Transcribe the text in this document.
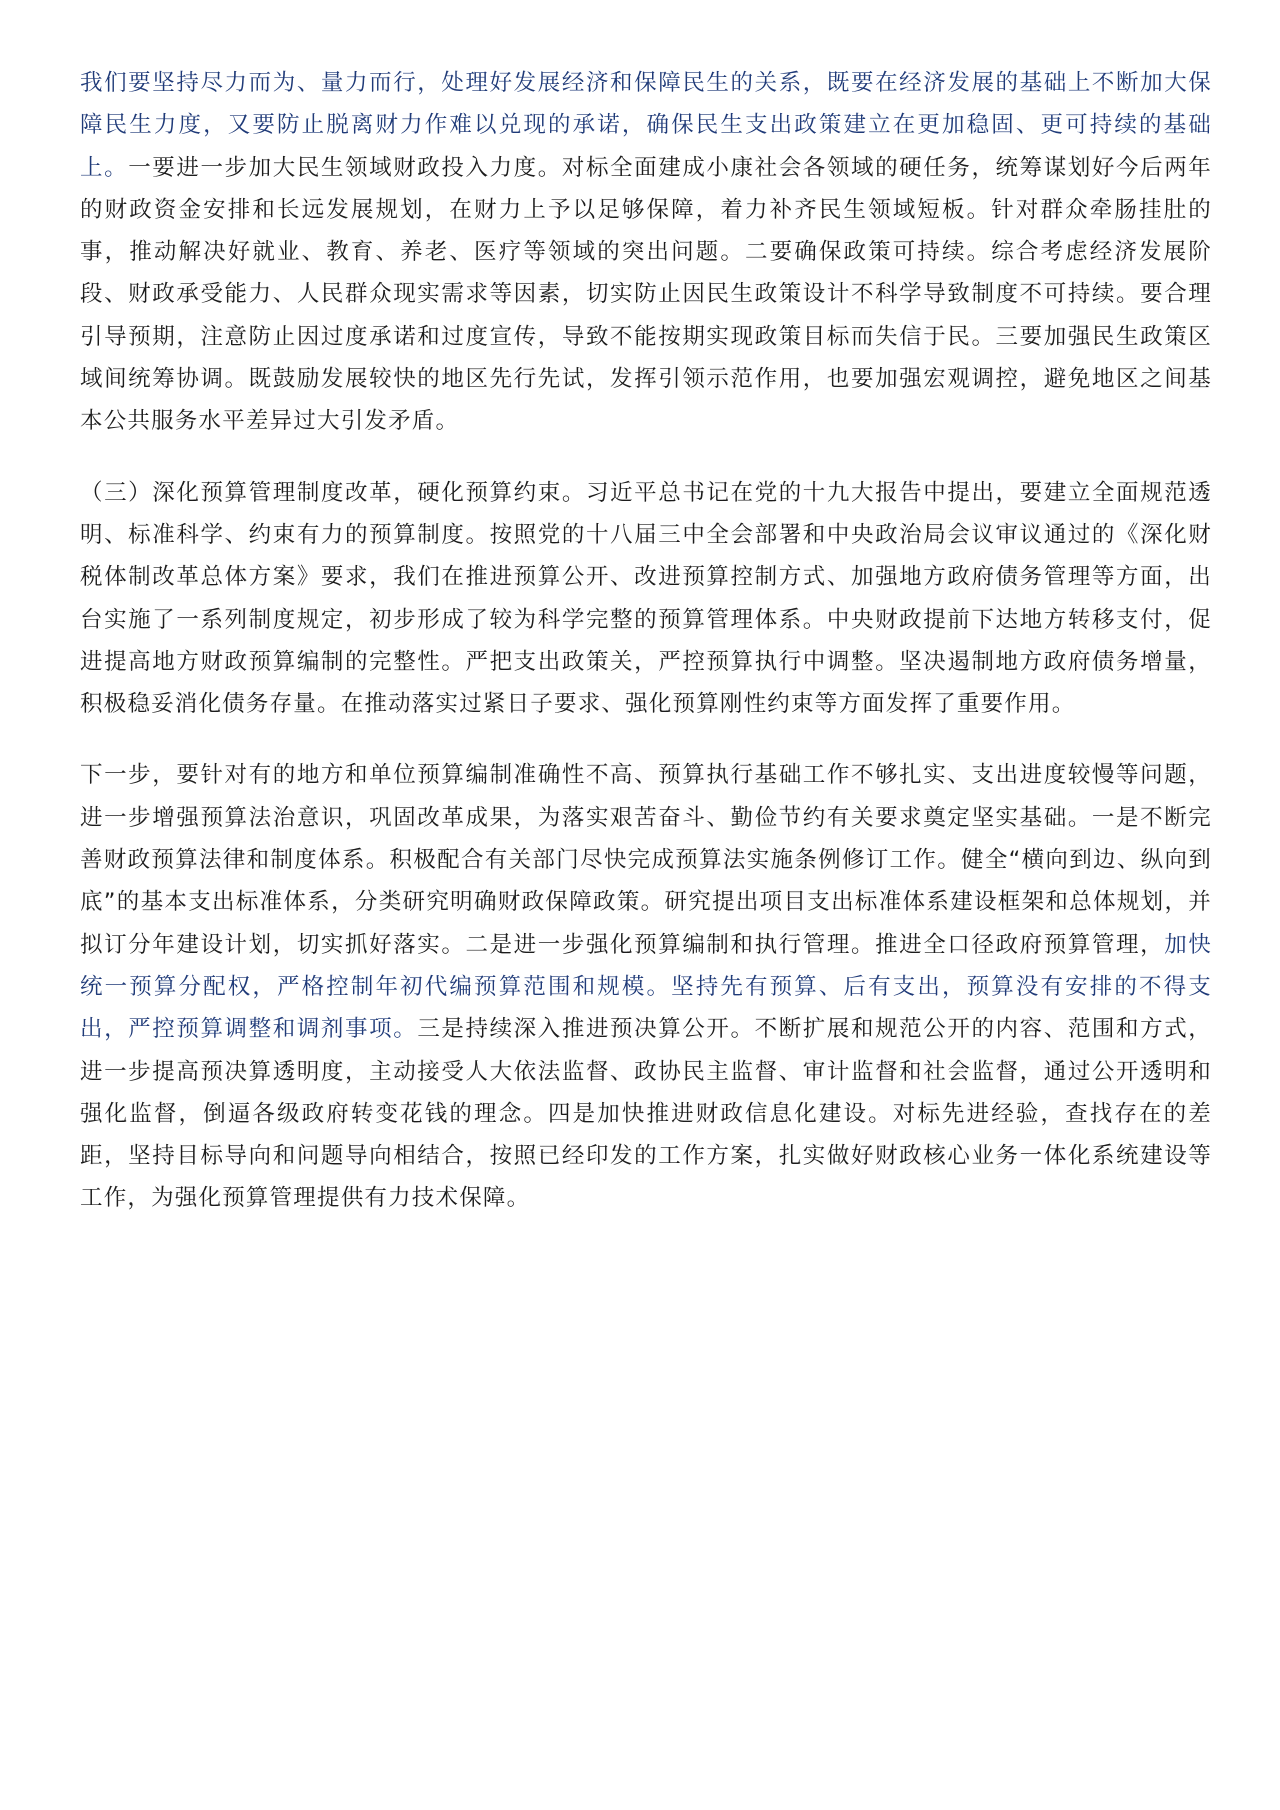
我们要坚持尽力而为、量力而行，处理好发展经济和保障民生的关系，既要在经济发展的基础上不断加大保障民生力度，又要防止脱离财力作难以兑现的承诺，确保民生支出政策建立在更加稳固、更可持续的基础上。一要进一步加大民生领域财政投入力度。对标全面建成小康社会各领域的硬任务，统筹谋划好今后两年的财政资金安排和长远发展规划，在财力上予以足够保障，着力补齐民生领域短板。针对群众牵肠挂肚的事，推动解决好就业、教育、养老、医疗等领域的突出问题。二要确保政策可持续。综合考虑经济发展阶段、财政承受能力、人民群众现实需求等因素，切实防止因民生政策设计不科学导致制度不可持续。要合理引导预期，注意防止因过度承诺和过度宣传，导致不能按期实现政策目标而失信于民。三要加强民生政策区域间统筹协调。既鼓励发展较快的地区先行先试，发挥引领示范作用，也要加强宏观调控，避免地区之间基本公共服务水平差异过大引发矛盾。

（三）深化预算管理制度改革，硬化预算约束。习近平总书记在党的十九大报告中提出，要建立全面规范透明、标准科学、约束有力的预算制度。按照党的十八届三中全会部署和中央政治局会议审议通过的《深化财税体制改革总体方案》要求，我们在推进预算公开、改进预算控制方式、加强地方政府债务管理等方面，出台实施了一系列制度规定，初步形成了较为科学完整的预算管理体系。中央财政提前下达地方转移支付，促进提高地方财政预算编制的完整性。严把支出政策关，严控预算执行中调整。坚决遏制地方政府债务增量，积极稳妥消化债务存量。在推动落实过紧日子要求、强化预算刚性约束等方面发挥了重要作用。

下一步，要针对有的地方和单位预算编制准确性不高、预算执行基础工作不够扎实、支出进度较慢等问题，进一步增强预算法治意识，巩固改革成果，为落实艰苦奋斗、勤俭节约有关要求奠定坚实基础。一是不断完善财政预算法律和制度体系。积极配合有关部门尽快完成预算法实施条例修订工作。健全“横向到边、纵向到底”的基本支出标准体系，分类研究明确财政保障政策。研究提出项目支出标准体系建设框架和总体规划，并拟订分年建设计划，切实抓好落实。二是进一步强化预算编制和执行管理。推进全口径政府预算管理，加快统一预算分配权，严格控制年初代编预算范围和规模。坚持先有预算、后有支出，预算没有安排的不得支出，严控预算调整和调剂事项。三是持续深入推进预决算公开。不断扩展和规范公开的内容、范围和方式，进一步提高预决算透明度，主动接受人大依法监督、政协民主监督、审计监督和社会监督，通过公开透明和强化监督，倒逼各级政府转变花钱的理念。四是加快推进财政信息化建设。对标先进经验，查找存在的差距，坚持目标导向和问题导向相结合，按照已经印发的工作方案，扎实做好财政核心业务一体化系统建设等工作，为强化预算管理提供有力技术保障。
